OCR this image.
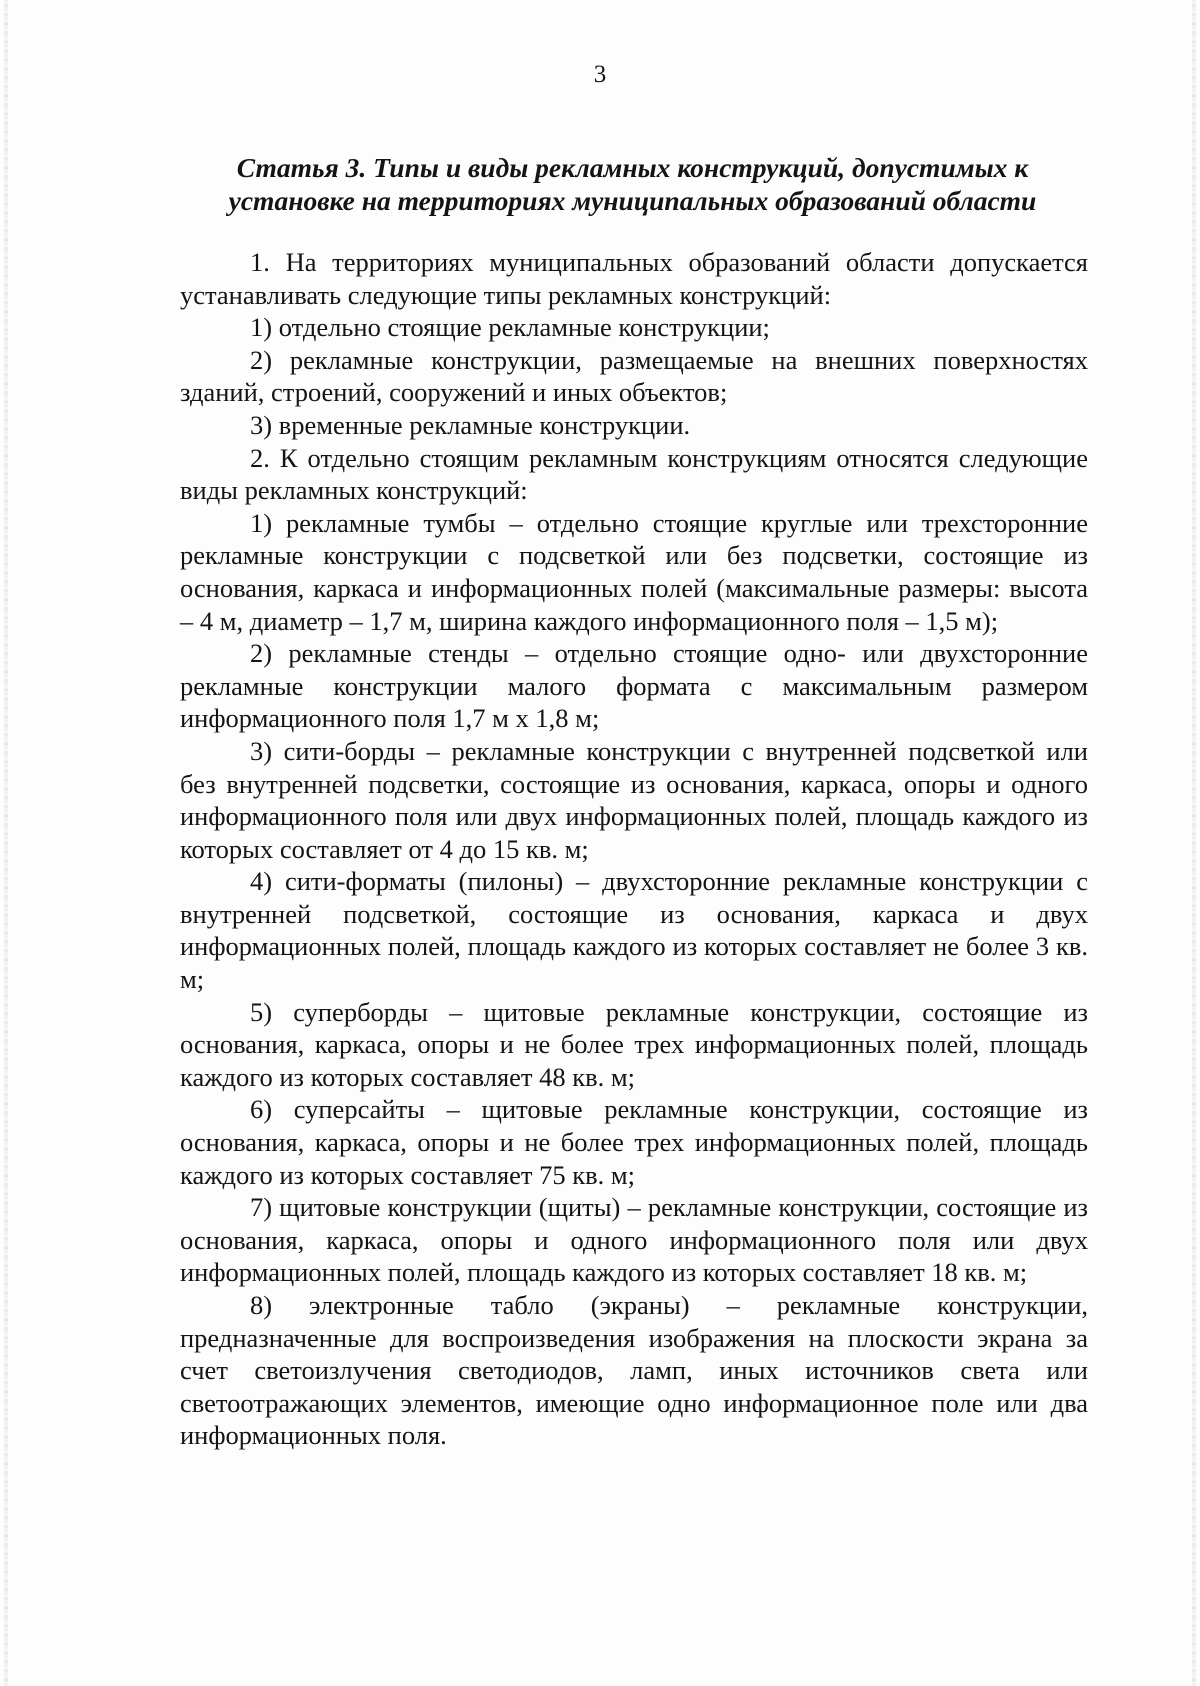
3
Статья 3. Типы и виды рекламных конструкций, допустимых к
установке на территориях муниципальных образований области

1. На территориях муниципальных образований области допускается устанавливать следующие типы рекламных конструкций:

1) отдельно стоящие рекламные конструкции;

2) рекламные конструкции, размещаемые на внешних поверхностях зданий, строений, сооружений и иных объектов;

3) временные рекламные конструкции.

2. К отдельно стоящим рекламным конструкциям относятся следующие виды рекламных конструкций:

1) рекламные тумбы – отдельно стоящие круглые или трехсторонние рекламные конструкции с подсветкой или без подсветки, состоящие из основания, каркаса и информационных полей (максимальные размеры: высота – 4 м, диаметр – 1,7 м, ширина каждого информационного поля – 1,5 м);

2) рекламные стенды – отдельно стоящие одно- или двухсторонние рекламные конструкции малого формата с максимальным размером информационного поля 1,7 м х 1,8 м;

3) сити-борды – рекламные конструкции с внутренней подсветкой или без внутренней подсветки, состоящие из основания, каркаса, опоры и одного информационного поля или двух информационных полей, площадь каждого из которых составляет от 4 до 15 кв. м;

4) сити-форматы (пилоны) – двухсторонние рекламные конструкции с внутренней подсветкой, состоящие из основания, каркаса и двух информационных полей, площадь каждого из которых составляет не более 3 кв. м;

5) суперборды – щитовые рекламные конструкции, состоящие из основания, каркаса, опоры и не более трех информационных полей, площадь каждого из которых составляет 48 кв. м;

6) суперсайты – щитовые рекламные конструкции, состоящие из основания, каркаса, опоры и не более трех информационных полей, площадь каждого из которых составляет 75 кв. м;

7) щитовые конструкции (щиты) – рекламные конструкции, состоящие из основания, каркаса, опоры и одного информационного поля или двух информационных полей, площадь каждого из которых составляет 18 кв. м;

8) электронные табло (экраны) – рекламные конструкции, предназначенные для воспроизведения изображения на плоскости экрана за счет светоизлучения светодиодов, ламп, иных источников света или светоотражающих элементов, имеющие одно информационное поле или два информационных поля.
